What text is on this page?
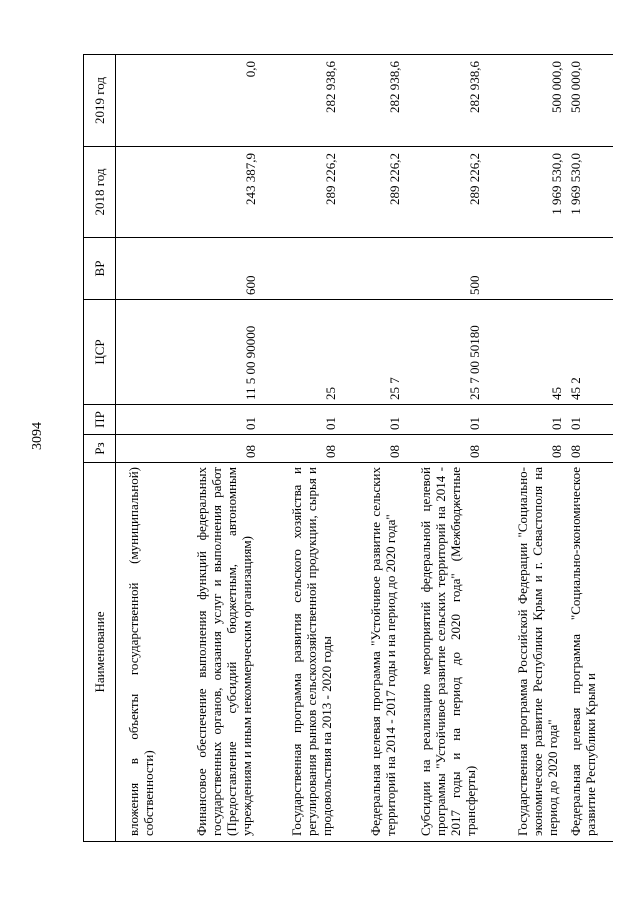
3094
Наименование	Рз	ПР	ЦСР	ВР	2018 год	2019 год
вложения в объекты государственной (муниципальной) собственности)						
Финансовое обеспечение выполнения функций федеральных государственных органов, оказания услуг и выполнения работ (Предоставление субсидий бюджетным, автономным учреждениям и иным некоммерческим организациям)	08	01	11 5 00 90000	600	243 387,9	0,0
Государственная программа развития сельского хозяйства и регулирования рынков сельскохозяйственной продукции, сырья и продовольствия на 2013 - 2020 годы	08	01	25		289 226,2	282 938,6
Федеральная целевая программа "Устойчивое развитие сельских территорий на 2014 - 2017 годы и на период до 2020 года"	08	01	25 7		289 226,2	282 938,6
Субсидии на реализацию мероприятий федеральной целевой программы "Устойчивое развитие сельских территорий на 2014 - 2017 годы и на период до 2020 года" (Межбюджетные трансферты)	08	01	25 7 00 50180	500	289 226,2	282 938,6
Государственная программа Российской Федерации "Социально-экономическое развитие Республики Крым и г. Севастополя на период до 2020 года"	08	01	45		1 969 530,0	500 000,0
Федеральная целевая программа "Социально-экономическое развитие Республики Крым и	08	01	45 2		1 969 530,0	500 000,0
